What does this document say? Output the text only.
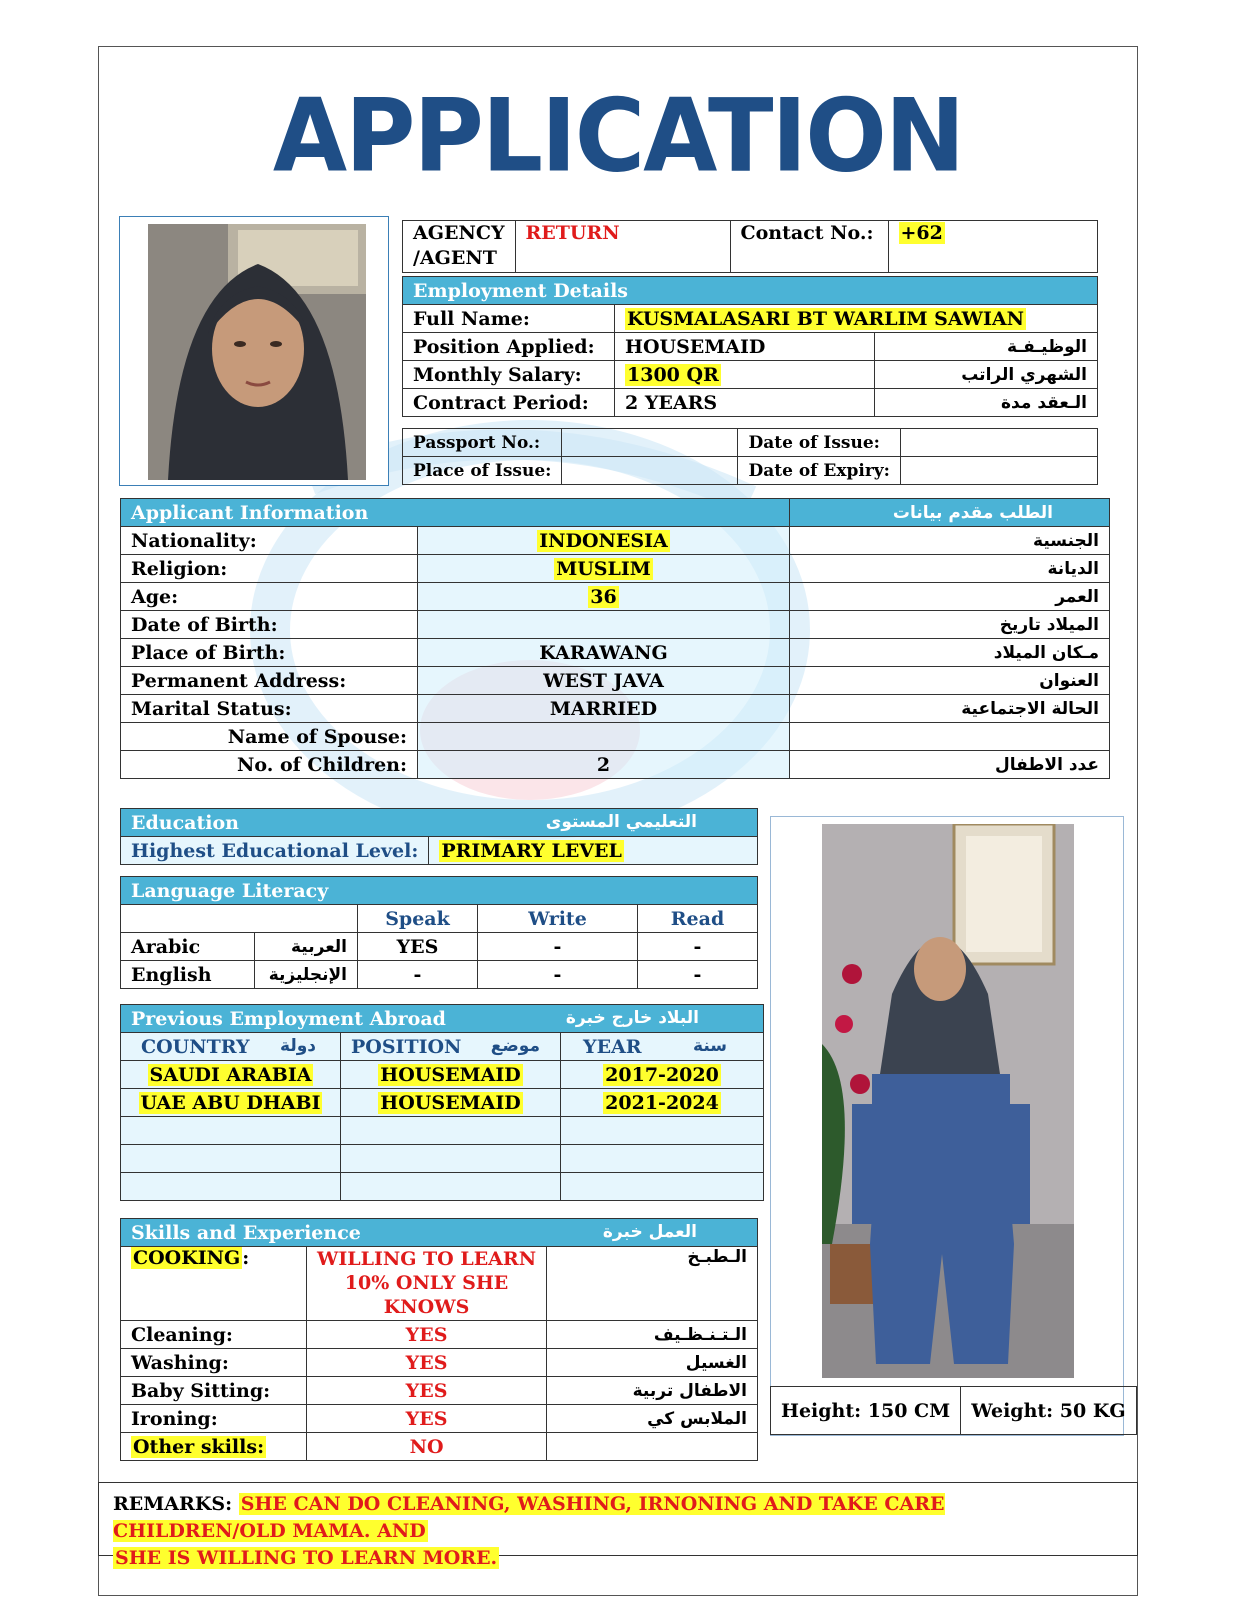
APPLICATION
AGENCY
/AGENT
	RETURN	Contact No.:	+62
Employment Details		
Full Name:	KUSMALASARI BT WARLIM SAWIAN	
Position Applied:	HOUSEMAID	الوظيـفـة
Monthly Salary:	1300 QR	الشهري الراتب
Contract Period:	2 YEARS	الـعقد مدة
Passport No.:		Date of Issue:	
Place of Issue:		Date of Expiry:	
Applicant Information		الطلب مقدم بيانات
Nationality:	INDONESIA	الجنسية
Religion:	MUSLIM	الديانة
Age:	36	العمر
Date of Birth:		الميلاد تاريخ
Place of Birth:	KARAWANG	مـكان الميلاد
Permanent Address:	WEST JAVA	العنوان
Marital Status:	MARRIED	الحالة الاجتماعية
Name of Spouse:		
No. of Children:	2	عدد الاطفال
Education	التعليمي المستوى

Highest Educational Level:	PRIMARY LEVEL
Language Literacy				
		Speak	Write	Read
Arabic	العربية	YES	-	-
English	الإنجليزية	-	-	-
Previous Employment Abroad البلاد خارج خبرة		

COUNTRY دولة	POSITION موضع	YEAR سنة

SAUDI ARABIA	HOUSEMAID	2017-2020
UAE ABU DHABI	HOUSEMAID	2021-2024

Skills and Experience العمل خبرة		

COOKING :	WILLING TO LEARN
10% ONLY SHE
KNOWS	الـطبـخ
Cleaning:	YES	الـتـنـظـيف
Washing:	YES	الغسيل
Baby Sitting:	YES	الاطفال تربية
Ironing:	YES	الملابس كي
Other skills:	NO	
Height: 150 CM	Weight: 50 KG
REMARKS: SHE CAN DO CLEANING, WASHING, IRNONING AND TAKE CARE CHILDREN/OLD MAMA. AND
SHE IS WILLING TO LEARN MORE.
